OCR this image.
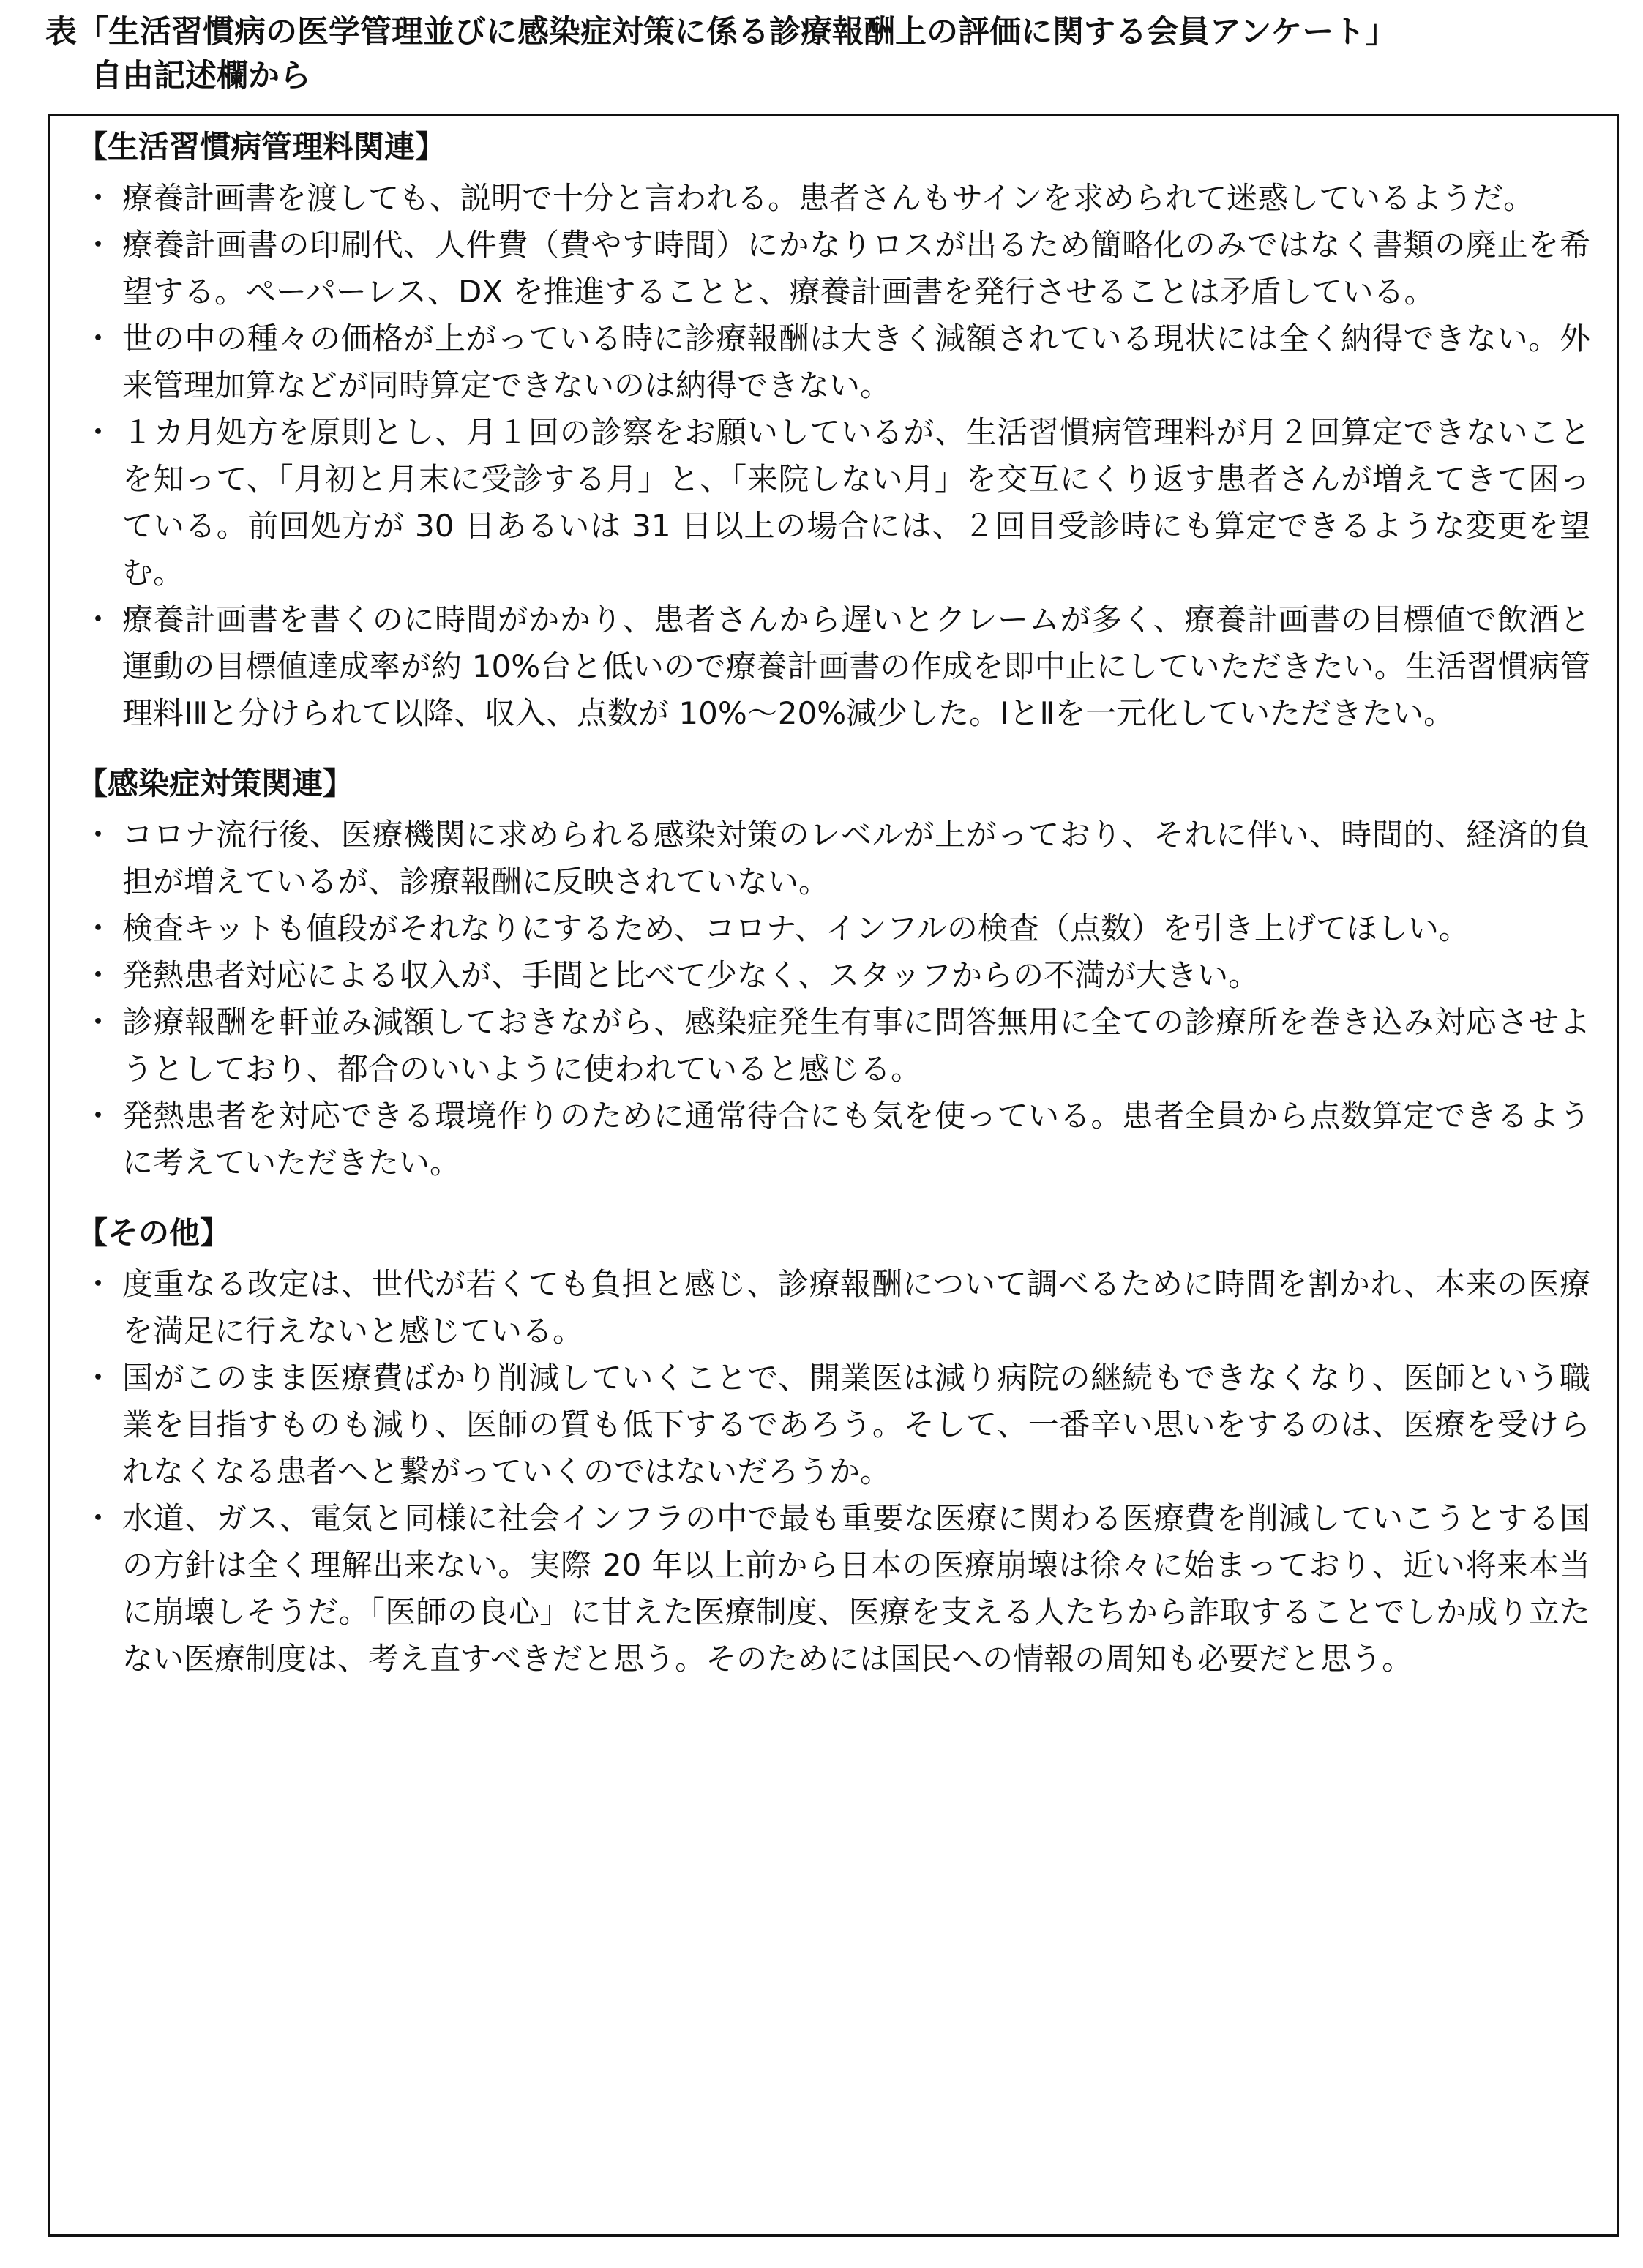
表「生活習慣病の医学管理並びに感染症対策に係る診療報酬上の評価に関する会員アンケート」
自由記述欄から
【生活習慣病管理料関連】
・ 療養計画書を渡しても、説明で十分と言われる。患者さんもサインを求められて迷惑しているようだ。
・ 療養計画書の印刷代、人件費（費やす時間）にかなりロスが出るため簡略化のみではなく書類の廃止を希望する。ペーパーレス、DX を推進することと、療養計画書を発行させることは矛盾している。
・ 世の中の種々の価格が上がっている時に診療報酬は大きく減額されている現状には全く納得できない。外来管理加算などが同時算定できないのは納得できない。
・ １カ月処方を原則とし、月１回の診察をお願いしているが、生活習慣病管理料が月２回算定できないことを知って、「月初と月末に受診する月」と、「来院しない月」を交互にくり返す患者さんが増えてきて困っている。前回処方が 30 日あるいは 31 日以上の場合には、２回目受診時にも算定できるような変更を望む。
・ 療養計画書を書くのに時間がかかり、患者さんから遅いとクレームが多く、療養計画書の目標値で飲酒と運動の目標値達成率が約 10%台と低いので療養計画書の作成を即中止にしていただきたい。生活習慣病管理料ⅠⅡと分けられて以降、収入、点数が 10%～20%減少した。ⅠとⅡを一元化していただきたい。
【感染症対策関連】
・ コロナ流行後、医療機関に求められる感染対策のレベルが上がっており、それに伴い、時間的、経済的負担が増えているが、診療報酬に反映されていない。
・ 検査キットも値段がそれなりにするため、コロナ、インフルの検査（点数）を引き上げてほしい。
・ 発熱患者対応による収入が、手間と比べて少なく、スタッフからの不満が大きい。
・ 診療報酬を軒並み減額しておきながら、感染症発生有事に問答無用に全ての診療所を巻き込み対応させようとしており、都合のいいように使われていると感じる。
・ 発熱患者を対応できる環境作りのために通常待合にも気を使っている。患者全員から点数算定できるように考えていただきたい。
【その他】
・ 度重なる改定は、世代が若くても負担と感じ、診療報酬について調べるために時間を割かれ、本来の医療を満足に行えないと感じている。
・ 国がこのまま医療費ばかり削減していくことで、開業医は減り病院の継続もできなくなり、医師という職業を目指すものも減り、医師の質も低下するであろう。そして、一番辛い思いをするのは、医療を受けられなくなる患者へと繋がっていくのではないだろうか。
・ 水道、ガス、電気と同様に社会インフラの中で最も重要な医療に関わる医療費を削減していこうとする国の方針は全く理解出来ない。実際 20 年以上前から日本の医療崩壊は徐々に始まっており、近い将来本当に崩壊しそうだ。「医師の良心」に甘えた医療制度、医療を支える人たちから詐取することでしか成り立たない医療制度は、考え直すべきだと思う。そのためには国民への情報の周知も必要だと思う。
